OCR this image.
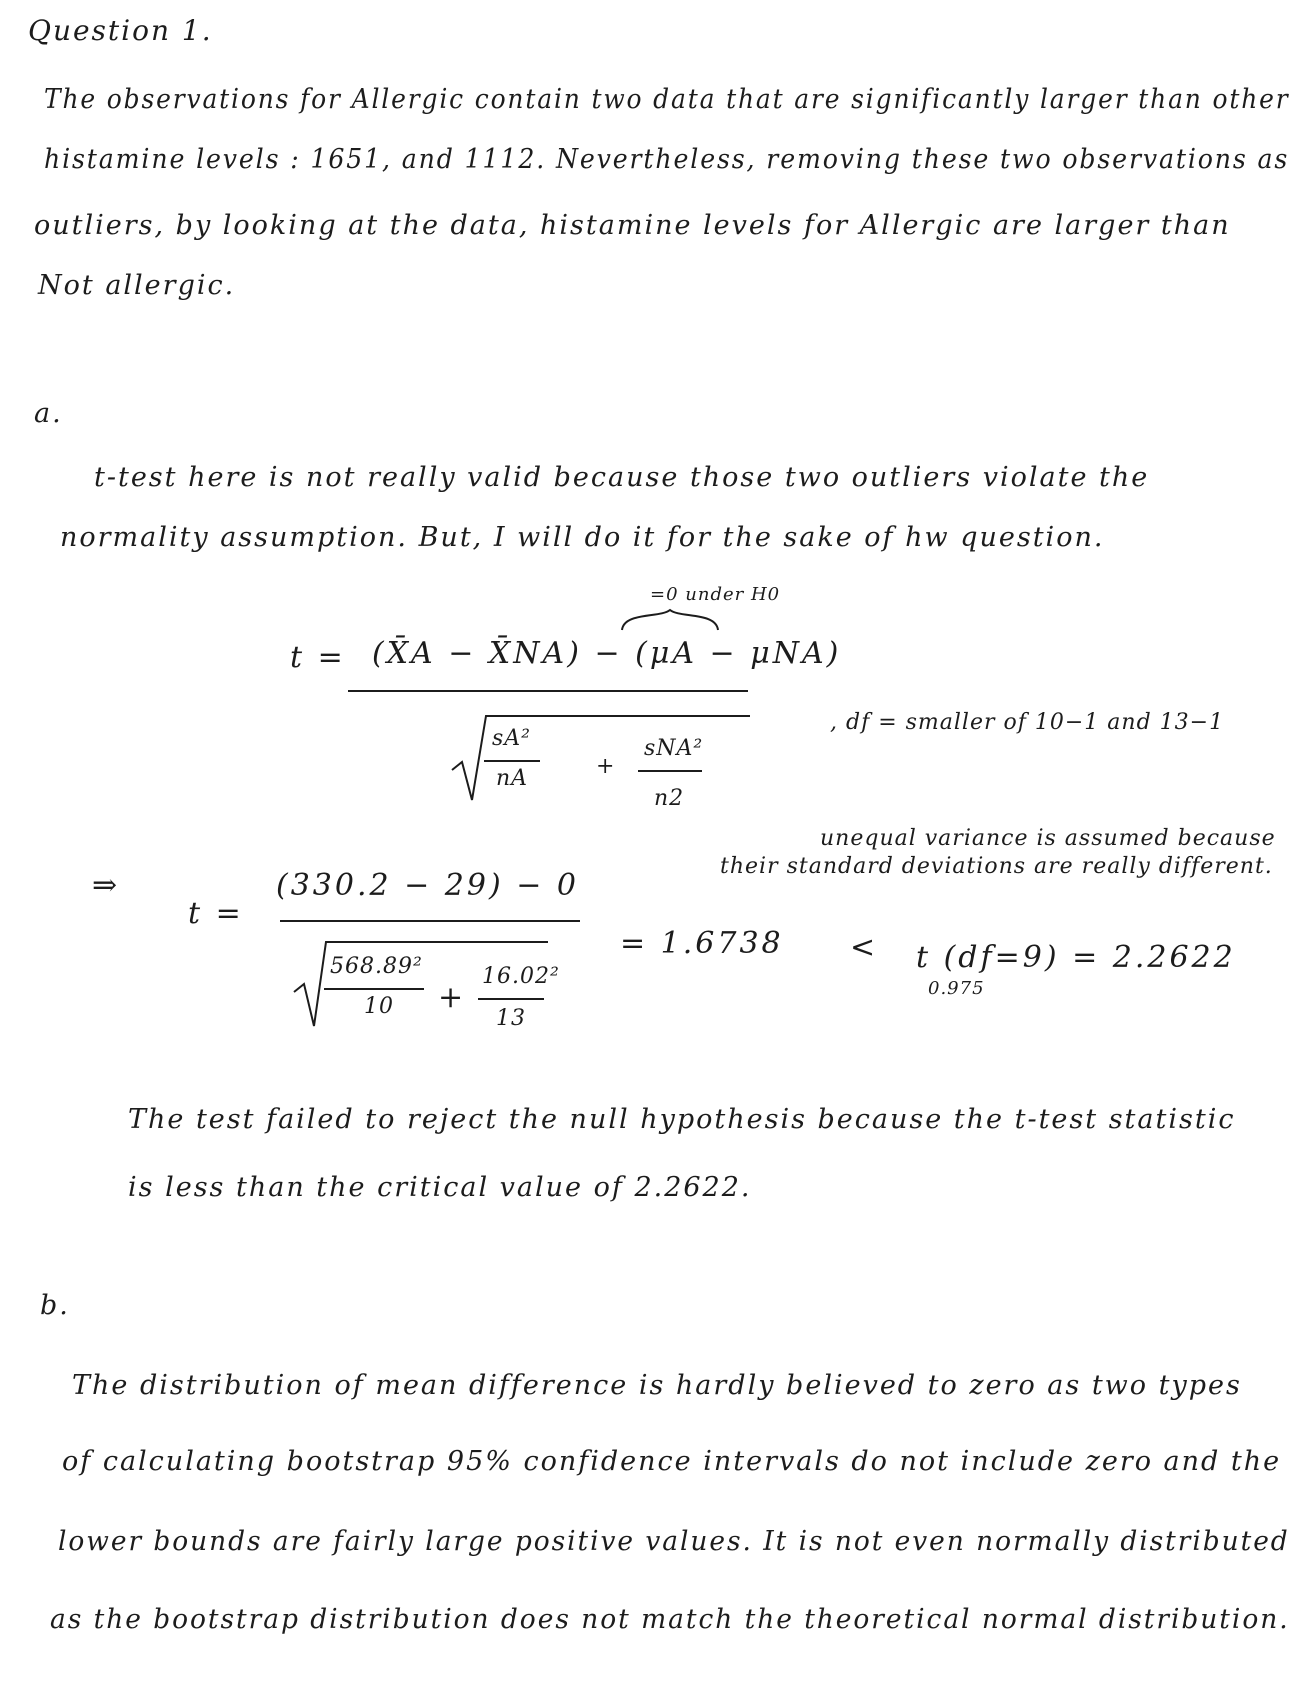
Question 1.
The observations for Allergic contain two data that are significantly larger than other
histamine levels : 1651, and 1112. Nevertheless, removing these two observations as
outliers, by looking at the data, histamine levels for Allergic are larger than
Not allergic.
a.
t-test here is not really valid because those two outliers violate the
normality assumption. But, I will do it for the sake of hw question.
=0 under H0
t = (X̄A − X̄NA) − (μA − μNA)
sA²
nA	+
sNA²
n2
, df = smaller of 10−1 and 13−1
unequal variance is assumed because
their standard deviations are really different.
⇒
t =
(330.2 − 29) − 0
568.89²
10 +
16.02²
13
= 1.6738 < t (df=9) = 2.2622
0.975
The test failed to reject the null hypothesis because the t-test statistic
is less than the critical value of 2.2622.
b.
The distribution of mean difference is hardly believed to zero as two types
of calculating bootstrap 95% confidence intervals do not include zero and the
lower bounds are fairly large positive values. It is not even normally distributed
as the bootstrap distribution does not match the theoretical normal distribution.
